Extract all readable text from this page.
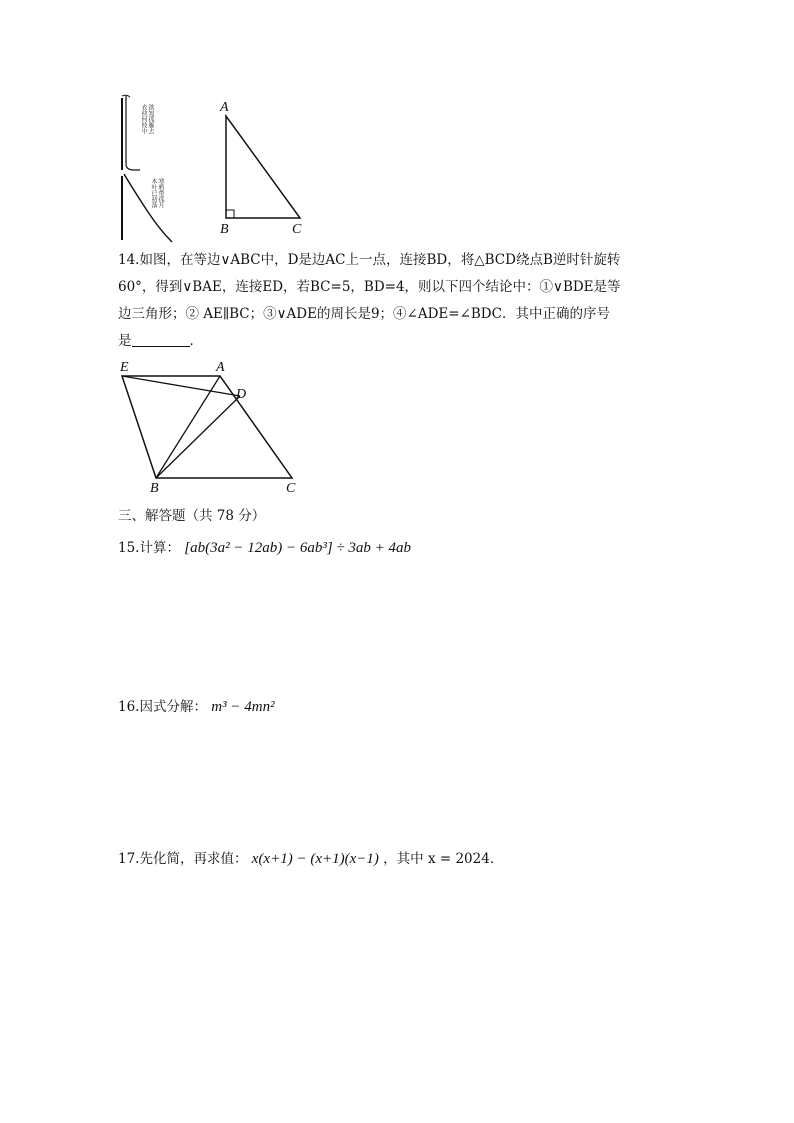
欲知孤雁去
衣袂何枝中
寒鸦带孤月
木叶已初落
A
B	C
14.如图，在等边∨ABC中，D是边AC上一点，连接BD，将△BCD绕点B逆时针旋转
60°，得到∨BAE，连接ED，若BC=5，BD=4，则以下四个结论中：①∨BDE是等
边三角形；② AE∥BC；③∨ADE的周长是9；④∠ADE=∠BDC．其中正确的序号
是	．
E	A
D
B	C
三、解答题（共 78 分）
15.计算： [ab(3a² − 12ab) − 6ab³] ÷ 3ab + 4ab
16.因式分解： m³ − 4mn²
17.先化简，再求值： x(x+1) − (x+1)(x−1) ，其中 x = 2024．
